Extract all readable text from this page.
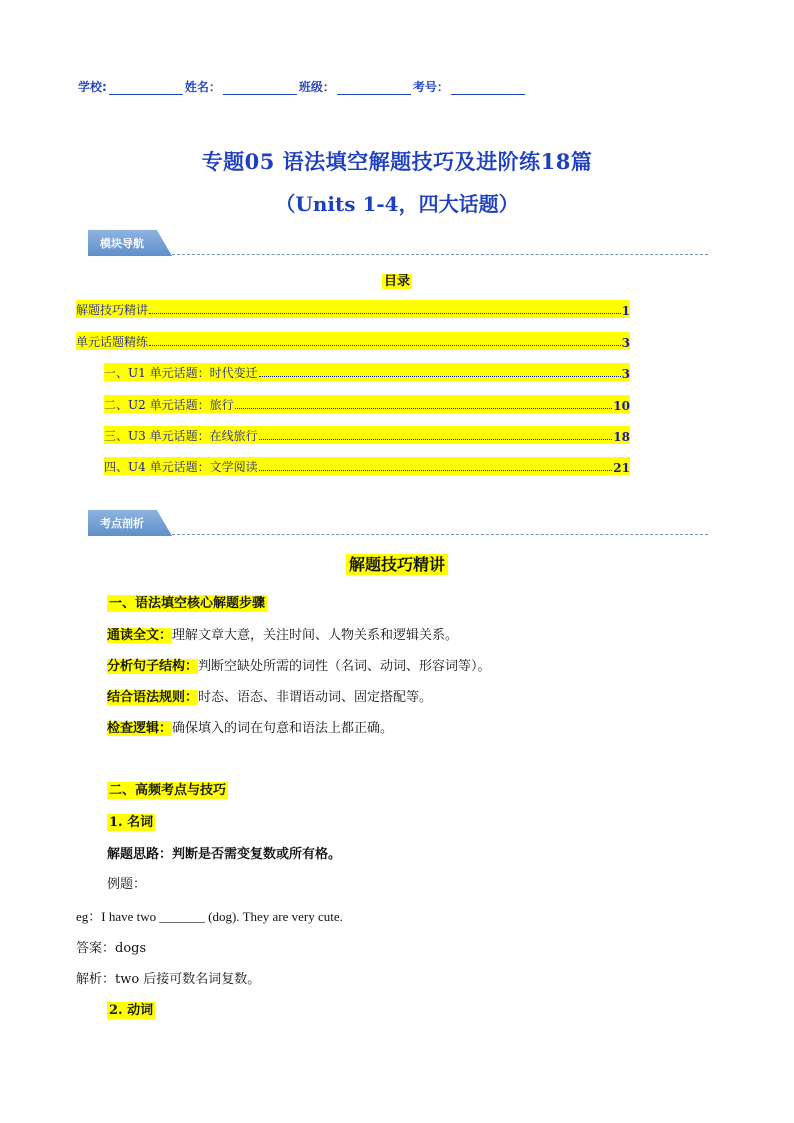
学校:	姓名：	班级：	考号：
专题05 语法填空解题技巧及进阶练18篇
（Units 1-4，四大话题）
模块导航
目录
解题技巧精讲	1
单元话题精练	3
一、U1 单元话题：时代变迁	3
二、U2 单元话题：旅行	10
三、U3 单元话题：在线旅行	18
四、U4 单元话题：文学阅读	21
考点剖析
解题技巧精讲
一、语法填空核心解题步骤
通读全文：理解文章大意，关注时间、人物关系和逻辑关系。
分析句子结构：判断空缺处所需的词性（名词、动词、形容词等）。
结合语法规则：时态、语态、非谓语动词、固定搭配等。
检查逻辑：确保填入的词在句意和语法上都正确。
二、高频考点与技巧
1. 名词
解题思路：判断是否需变复数或所有格。
例题：
eg：I have two _______ (dog). They are very cute.
答案：dogs
解析：two 后接可数名词复数。
2. 动词
